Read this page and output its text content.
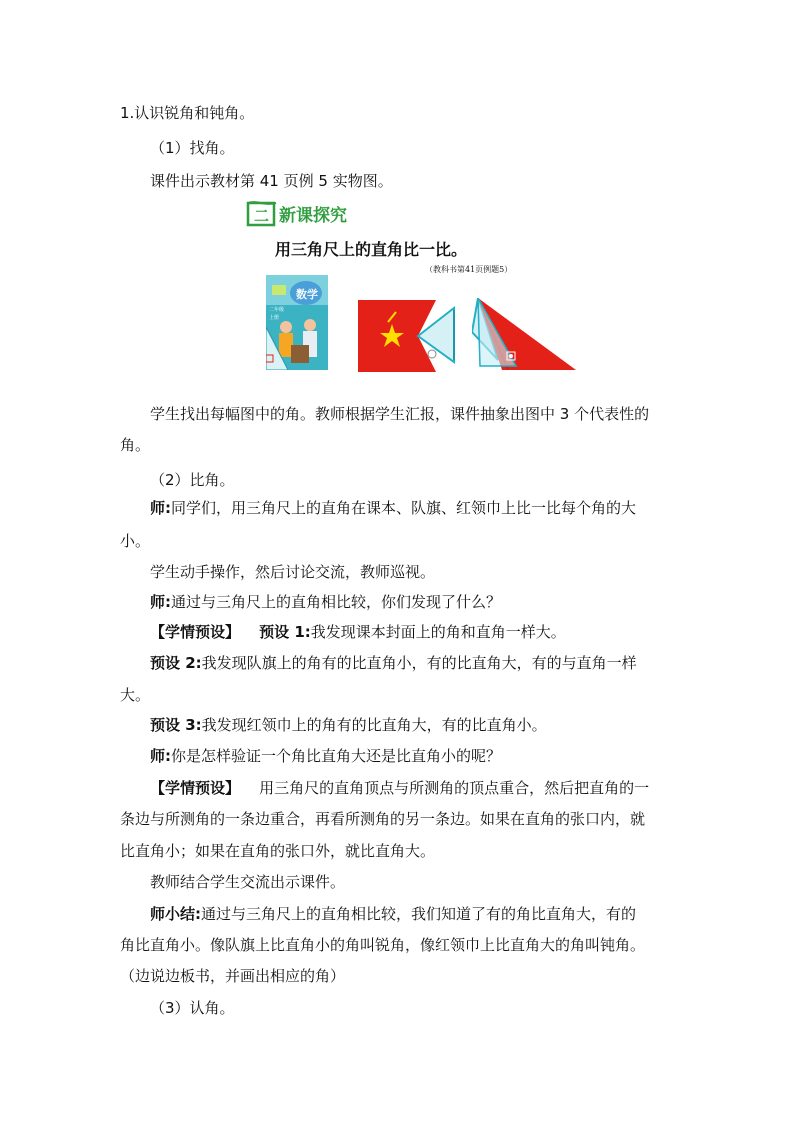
1.认识锐角和钝角。
（1）找角。
课件出示教材第 41 页例 5 实物图。
二 新课探究
用三角尺上的直角比一比。
（教科书第41页例题5）
数学
二年级
上册
学生找出每幅图中的角。教师根据学生汇报，课件抽象出图中 3 个代表性的
角。
（2）比角。
师:同学们，用三角尺上的直角在课本、队旗、红领巾上比一比每个角的大
小。
学生动手操作，然后讨论交流，教师巡视。
师:通过与三角尺上的直角相比较，你们发现了什么？
【学情预设】 预设 1:我发现课本封面上的角和直角一样大。
预设 2:我发现队旗上的角有的比直角小，有的比直角大，有的与直角一样
大。
预设 3:我发现红领巾上的角有的比直角大，有的比直角小。
师:你是怎样验证一个角比直角大还是比直角小的呢？
【学情预设】 用三角尺的直角顶点与所测角的顶点重合，然后把直角的一
条边与所测角的一条边重合，再看所测角的另一条边。如果在直角的张口内，就
比直角小；如果在直角的张口外，就比直角大。
教师结合学生交流出示课件。
师小结:通过与三角尺上的直角相比较，我们知道了有的角比直角大，有的
角比直角小。像队旗上比直角小的角叫锐角，像红领巾上比直角大的角叫钝角。
（边说边板书，并画出相应的角）
（3）认角。
